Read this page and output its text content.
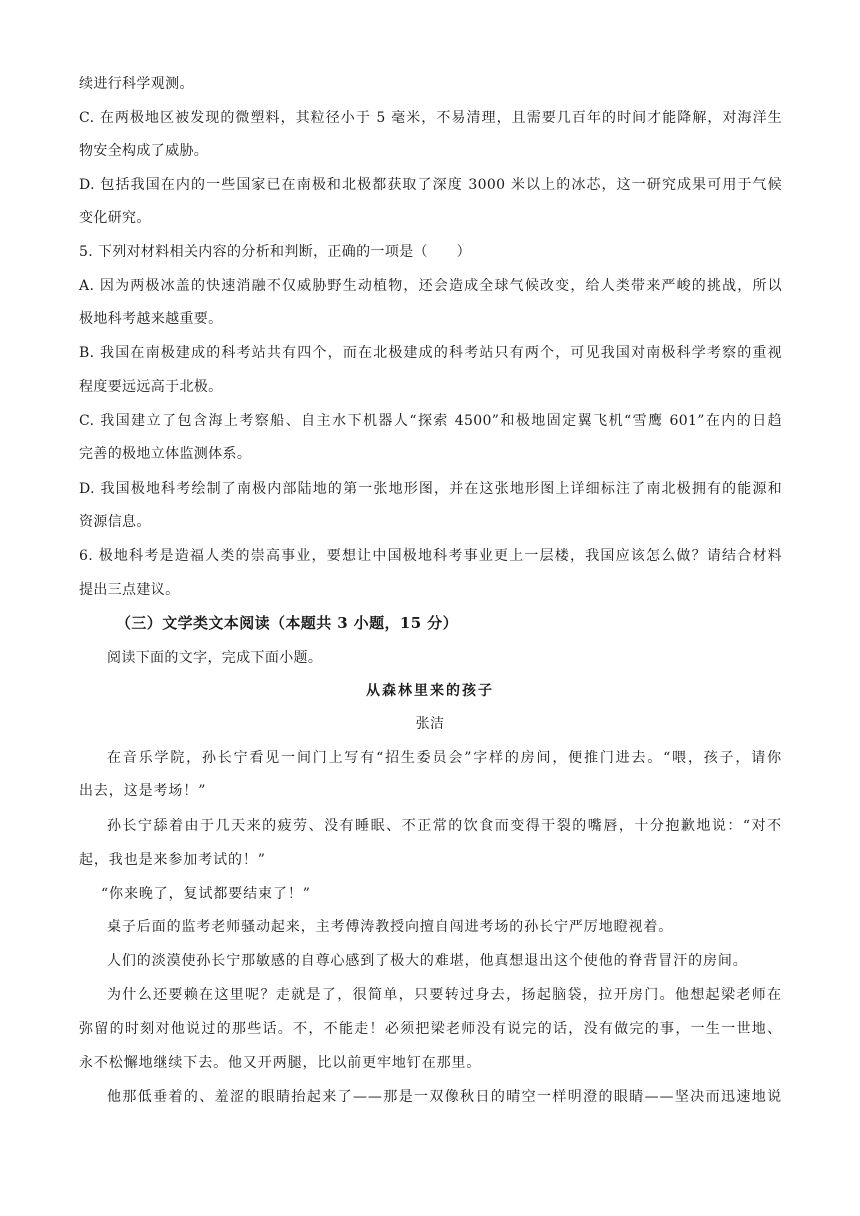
续进行科学观测。
C. 在两极地区被发现的微塑料，其粒径小于 5 毫米，不易清理，且需要几百年的时间才能降解，对海洋生
物安全构成了威胁。
D. 包括我国在内的一些国家已在南极和北极都获取了深度 3000 米以上的冰芯，这一研究成果可用于气候
变化研究。
5. 下列对材料相关内容的分析和判断，正确的一项是（　　）
A. 因为两极冰盖的快速消融不仅威胁野生动植物，还会造成全球气候改变，给人类带来严峻的挑战，所以
极地科考越来越重要。
B. 我国在南极建成的科考站共有四个，而在北极建成的科考站只有两个，可见我国对南极科学考察的重视
程度要远远高于北极。
C. 我国建立了包含海上考察船、自主水下机器人“探索 4500”和极地固定翼飞机“雪鹰 601”在内的日趋
完善的极地立体监测体系。
D. 我国极地科考绘制了南极内部陆地的第一张地形图，并在这张地形图上详细标注了南北极拥有的能源和
资源信息。
6. 极地科考是造福人类的崇高事业，要想让中国极地科考事业更上一层楼，我国应该怎么做？请结合材料
提出三点建议。
（三）文学类文本阅读（本题共 3 小题，15 分）
阅读下面的文字，完成下面小题。
从森林里来的孩子
张洁
在音乐学院，孙长宁看见一间门上写有“招生委员会”字样的房间，便推门进去。“喂，孩子，请你
出去，这是考场！”
孙长宁舔着由于几天来的疲劳、没有睡眠、不正常的饮食而变得干裂的嘴唇，十分抱歉地说：“对不
起，我也是来参加考试的！”
“你来晚了，复试都要结束了！”
桌子后面的监考老师骚动起来，主考傅涛教授向擅自闯进考场的孙长宁严厉地瞪视着。
人们的淡漠使孙长宁那敏感的自尊心感到了极大的难堪，他真想退出这个使他的脊背冒汗的房间。
为什么还要赖在这里呢？走就是了，很简单，只要转过身去，扬起脑袋，拉开房门。他想起梁老师在
弥留的时刻对他说过的那些话。不，不能走！必须把梁老师没有说完的话，没有做完的事，一生一世地、
永不松懈地继续下去。他又开两腿，比以前更牢地钉在那里。
他那低垂着的、羞涩的眼睛抬起来了——那是一双像秋日的晴空一样明澄的眼睛——坚决而迅速地说
